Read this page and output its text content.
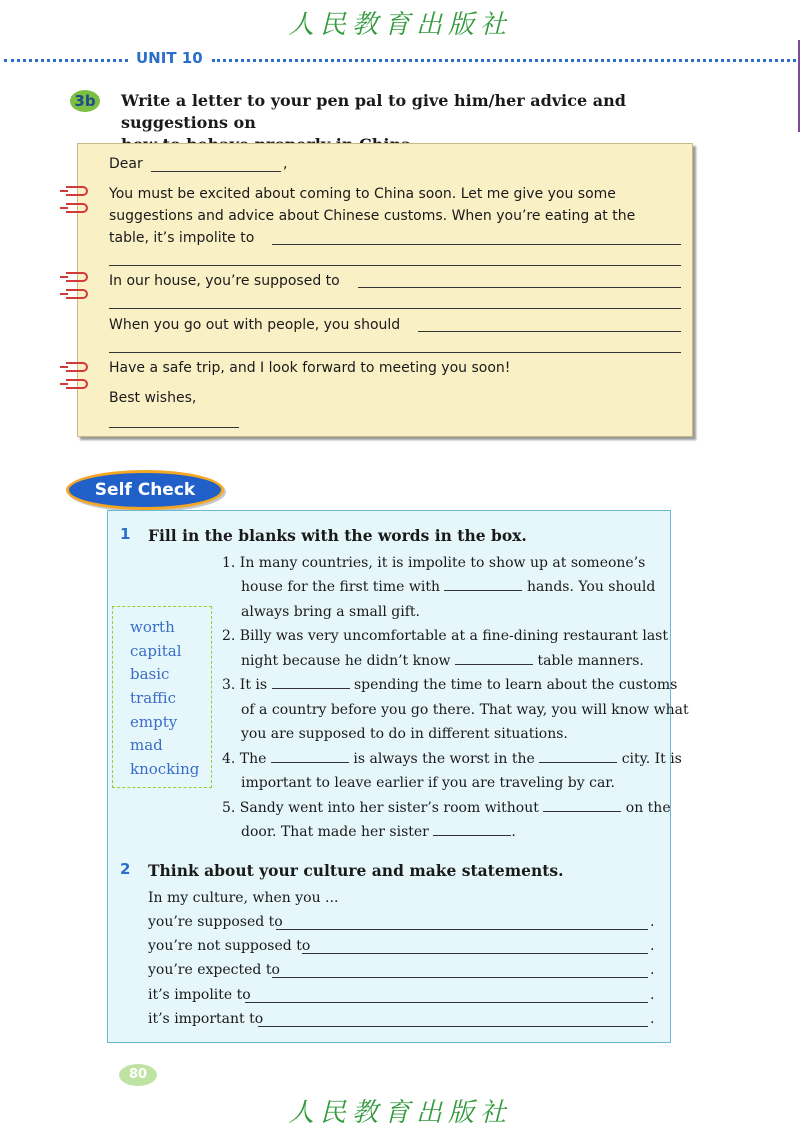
人民教育出版社
UNIT 10
3b Write a letter to your pen pal to give him/her advice and suggestions on
Dear	,
You must be excited about coming to China soon. Let me give you some
suggestions and advice about Chinese customs. When you’re eating at the
table, it’s impolite to
In our house, you’re supposed to
When you go out with people, you should
Have a safe trip, and I look forward to meeting you soon!
Best wishes,
Self Check
1 Fill in the blanks with the words in the box.
worth
capital
basic
traffic
empty
mad
knocking
1. In many countries, it is impolite to show up at someone’s
house for the first time with	hands. You should
always bring a small gift.
2. Billy was very uncomfortable at a fine-dining restaurant last
night because he didn’t know	table manners.
3. It is	spending the time to learn about the customs
of a country before you go there. That way, you will know what
you are supposed to do in different situations.
4. The	is always the worst in the	city. It is
important to leave earlier if you are traveling by car.
5. Sandy went into her sister’s room without	on the
door. That made her sister	.
2 Think about your culture and make statements.
In my culture, when you ...
you’re supposed to	.
you’re not supposed to	.
you’re expected to	.
it’s impolite to	.
it’s important to	.
80
人民教育出版社
